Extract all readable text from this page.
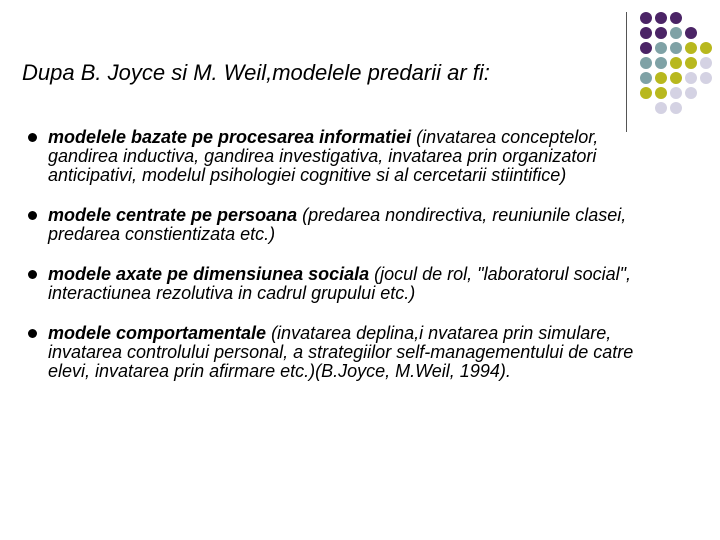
Dupa B. Joyce si M. Weil,modelele predarii ar fi:
modelele bazate pe procesarea informatiei (invatarea conceptelor, gandirea inductiva, gandirea investigativa, invatarea prin organizatori anticipativi, modelul psihologiei cognitive si al cercetarii stiintifice)
modele centrate pe persoana (predarea nondirectiva, reuniunile clasei, predarea constientizata etc.)
modele axate pe dimensiunea sociala (jocul de rol, "laboratorul social", interactiunea rezolutiva in cadrul grupului etc.)
modele comportamentale (invatarea deplina,i nvatarea prin simulare, invatarea controlului personal, a strategiilor self-managementului de catre elevi, invatarea prin afirmare etc.)(B.Joyce, M.Weil, 1994).
